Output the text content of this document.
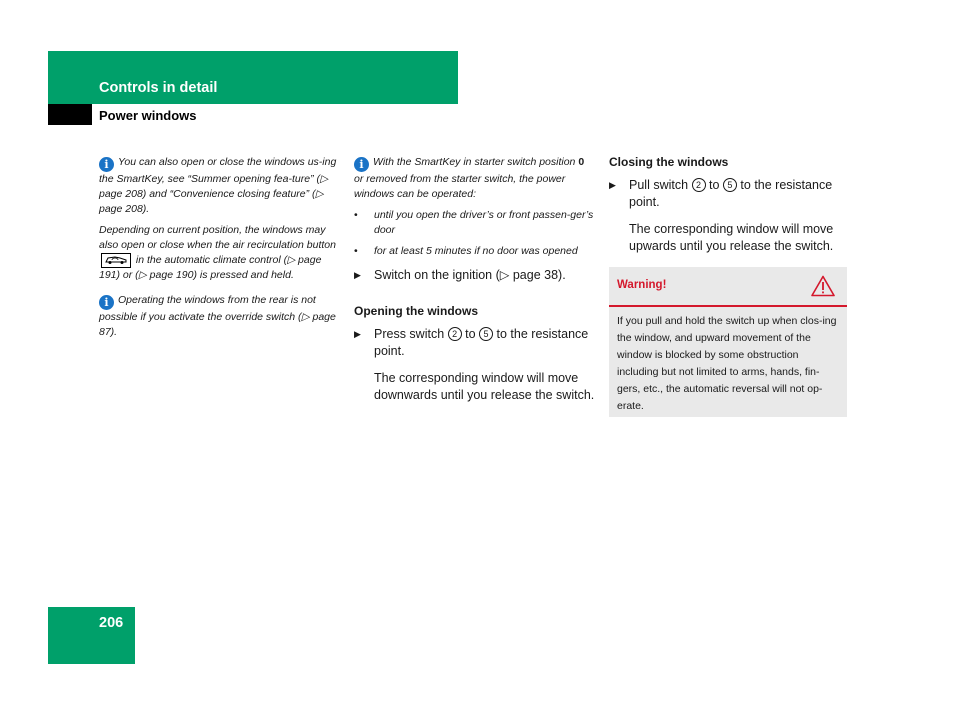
Controls in detail
Power windows

i You can also open or close the windows us-ing the SmartKey, see “Summer opening fea-ture” (▷ page 208) and “Convenience closing feature” (▷ page 208).

Depending on current position, the windows may also open or close when the air recirculation button  in the automatic climate control (▷ page 191) or (▷ page 190) is pressed and held.

i Operating the windows from the rear is not possible if you activate the override switch (▷ page 87).

i With the SmartKey in starter switch position 0 or removed from the starter switch, the power windows can be operated:

• until you open the driver’s or front passen-ger’s door
• for at least 5 minutes if no door was opened
▶ Switch on the ignition (▷ page 38).
Opening the windows
▶ Press switch 2 to 5 to the resistance point.
The corresponding window will move downwards until you release the switch.
Closing the windows
▶ Pull switch 2 to 5 to the resistance point.
The corresponding window will move upwards until you release the switch.
Warning!
If you pull and hold the switch up when clos-ing the window, and upward movement of the window is blocked by some obstruction including but not limited to arms, hands, fin-gers, etc., the automatic reversal will not op-erate.
206
